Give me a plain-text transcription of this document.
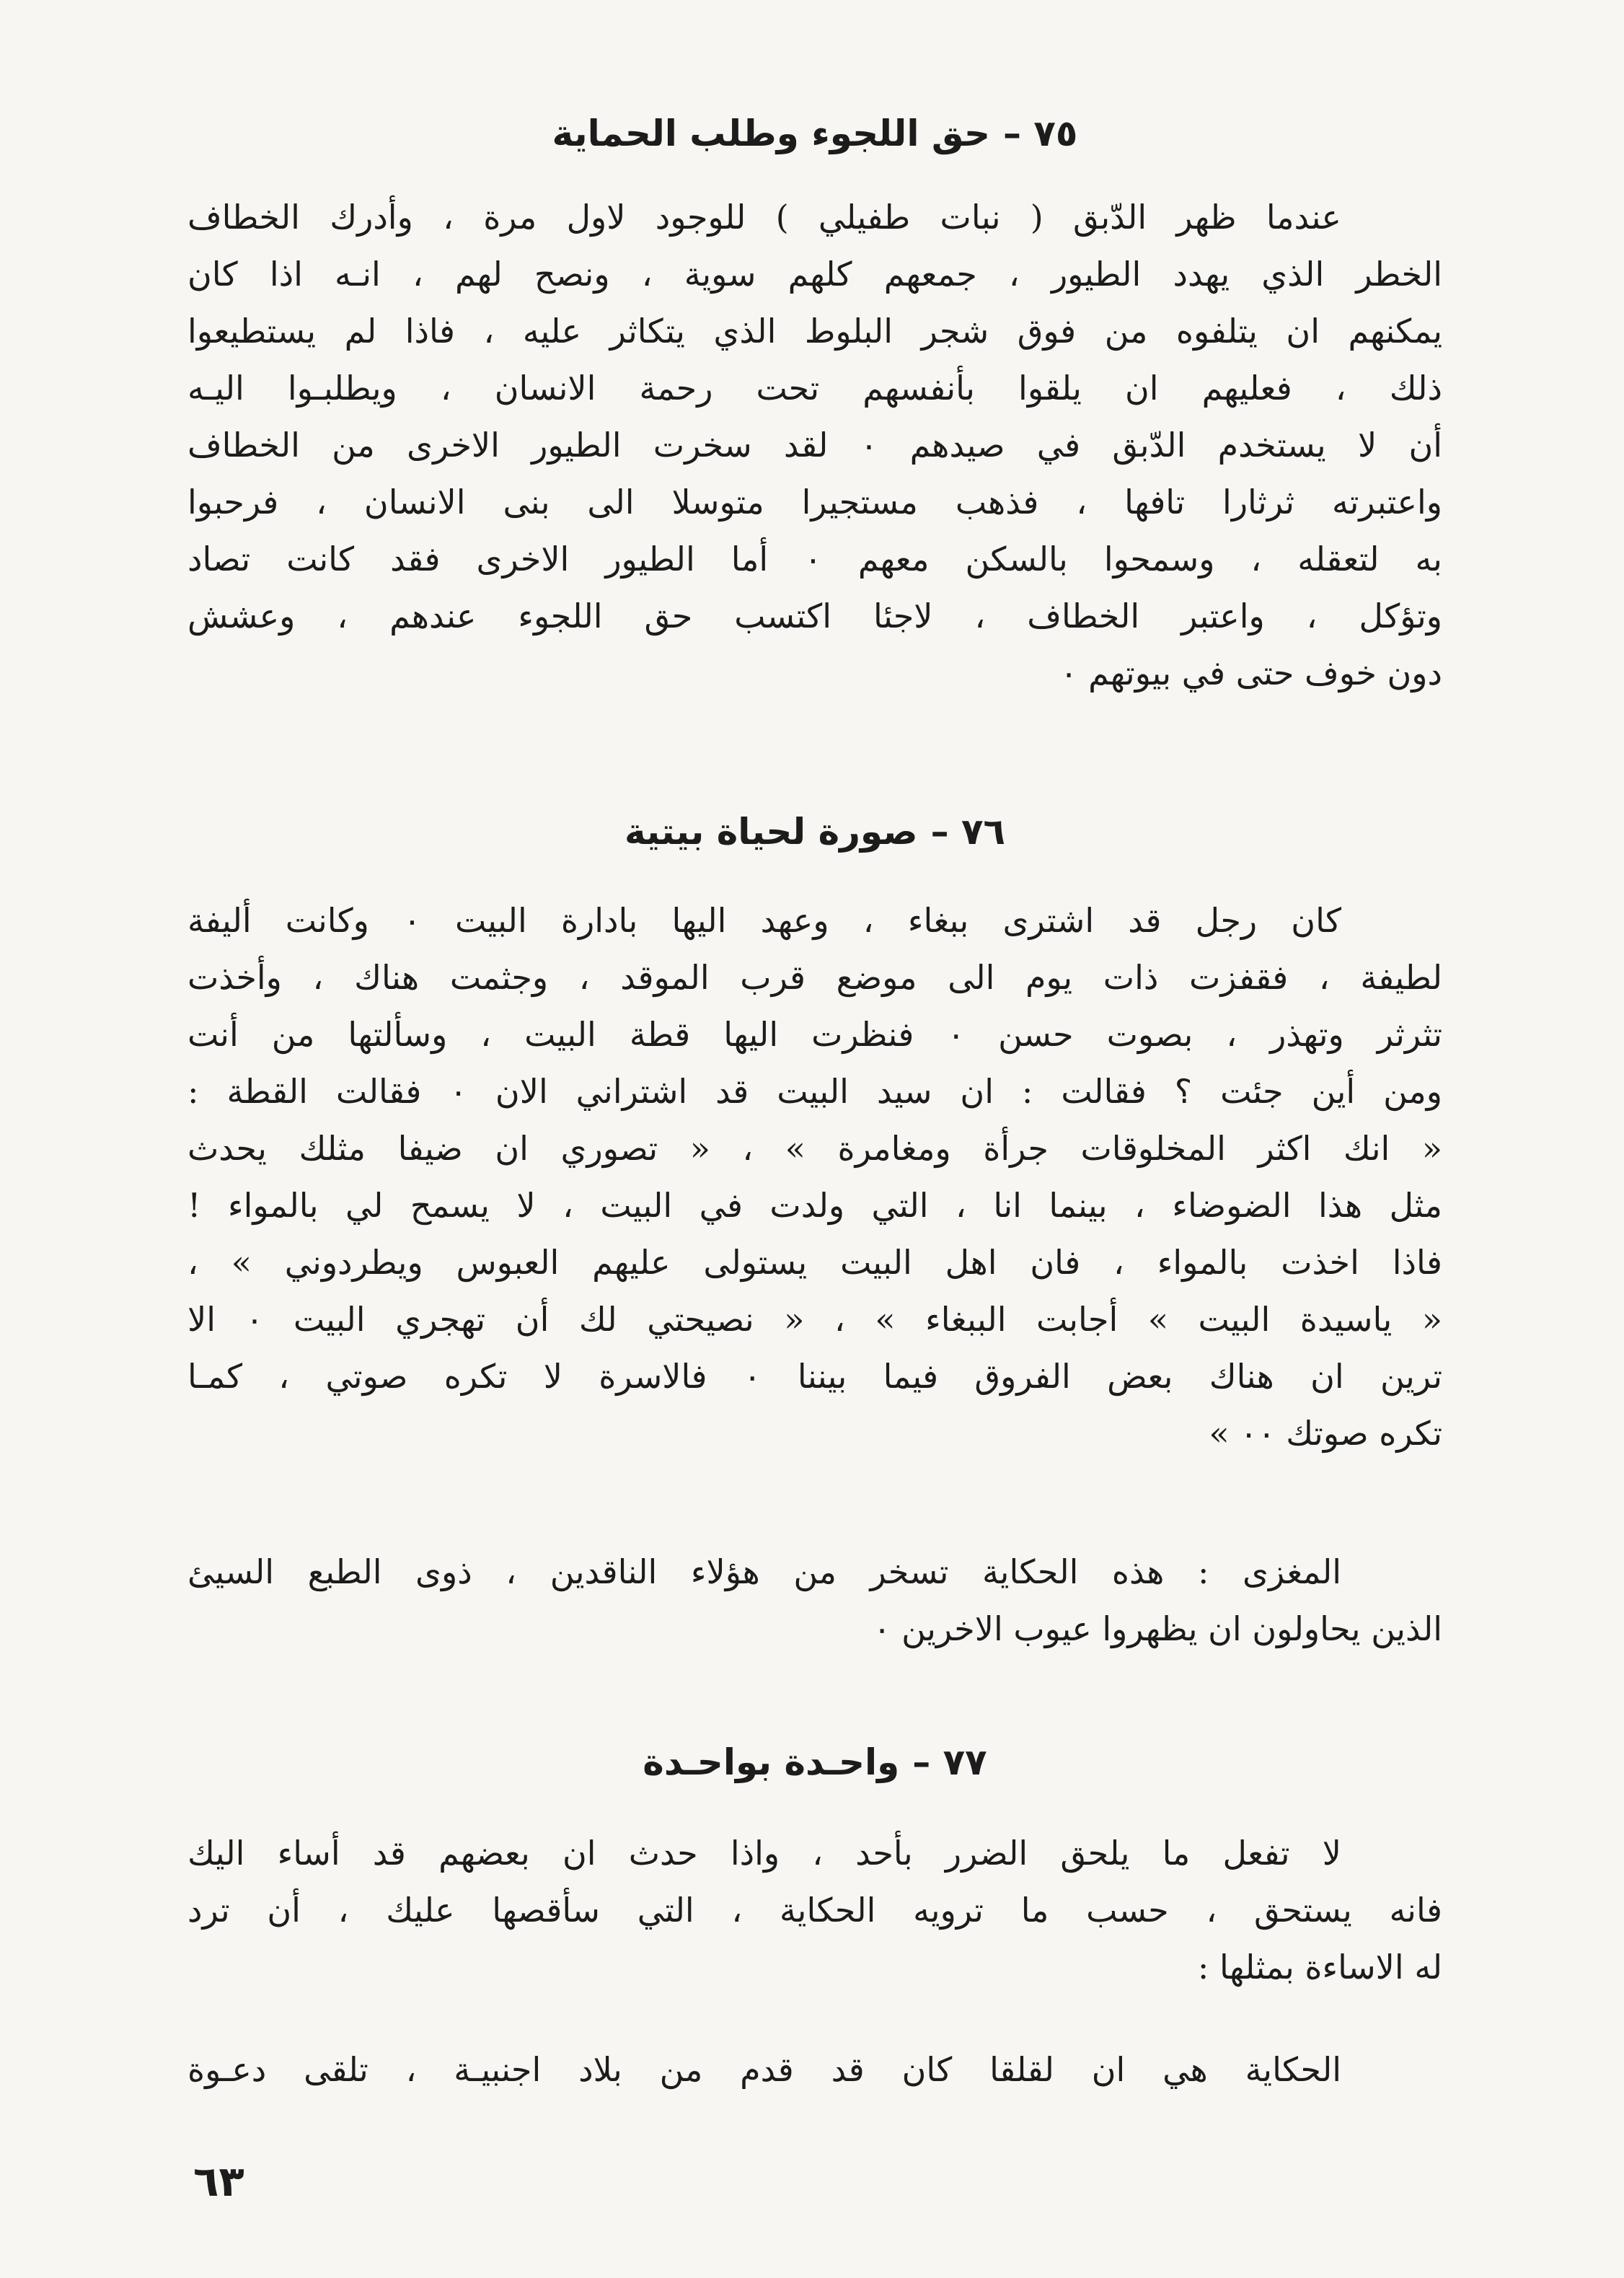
٧٥ –حق اللجوء وطلب الحماية
عندما ظهر الدّبق ( نبات طفيلي ) للوجود لاول مرة ، وأدرك الخطاف
الخطر الذي يهدد الطيور ، جمعهم كلهم سوية ، ونصح لهم ، انـه اذا كان
يمكنهم ان يتلفوه من فوق شجر البلوط الذي يتكاثر عليه ، فاذا لم يستطيعوا
ذلك ، فعليهم ان يلقوا بأنفسهم تحت رحمة الانسان ، ويطلبـوا اليـه
أن لا يستخدم الدّبق في صيدهم ٠ لقد سخرت الطيور الاخرى من الخطاف
واعتبرته ثرثارا تافها ، فذهب مستجيرا متوسلا الى بنى الانسان ، فرحبوا
به لتعقله ، وسمحوا بالسكن معهم ٠ أما الطيور الاخرى فقد كانت تصاد
وتؤكل ، واعتبر الخطاف ، لاجئا اكتسب حق اللجوء عندهم ، وعشش
دون خوف حتى في بيوتهم ٠
٧٦ –صورة لحياة بيتية
كان رجل قد اشترى ببغاء ، وعهد اليها بادارة البيت ٠ وكانت أليفة
لطيفة ، فقفزت ذات يوم الى موضع قرب الموقد ، وجثمت هناك ، وأخذت
تثرثر وتهذر ، بصوت حسن ٠ فنظرت اليها قطة البيت ، وسألتها من أنت
ومن أين جئت ؟ فقالت : ان سيد البيت قد اشتراني الان ٠ فقالت القطة :
« انك اكثر المخلوقات جرأة ومغامرة » ، « تصوري ان ضيفا مثلك يحدث
مثل هذا الضوضاء ، بينما انا ، التي ولدت في البيت ، لا يسمح لي بالمواء !
فاذا اخذت بالمواء ، فان اهل البيت يستولى عليهم العبوس ويطردوني » ،
« ياسيدة البيت » أجابت الببغاء » ، « نصيحتي لك أن تهجري البيت ٠ الا
ترين ان هناك بعض الفروق فيما بيننا ٠ فالاسرة لا تكره صوتي ، كمـا
تكره صوتك ٠٠ »
المغزى : هذه الحكاية تسخر من هؤلاء الناقدين ، ذوى الطبع السيئ
الذين يحاولون ان يظهروا عيوب الاخرين ٠
٧٧ –واحـدة بواحـدة
لا تفعل ما يلحق الضرر بأحد ، واذا حدث ان بعضهم قد أساء اليك
فانه يستحق ، حسب ما ترويه الحكاية ، التي سأقصها عليك ، أن ترد
له الاساءة بمثلها :
الحكاية هي ان لقلقا كان قد قدم من بلاد اجنبيـة ، تلقى دعـوة
٦٣
